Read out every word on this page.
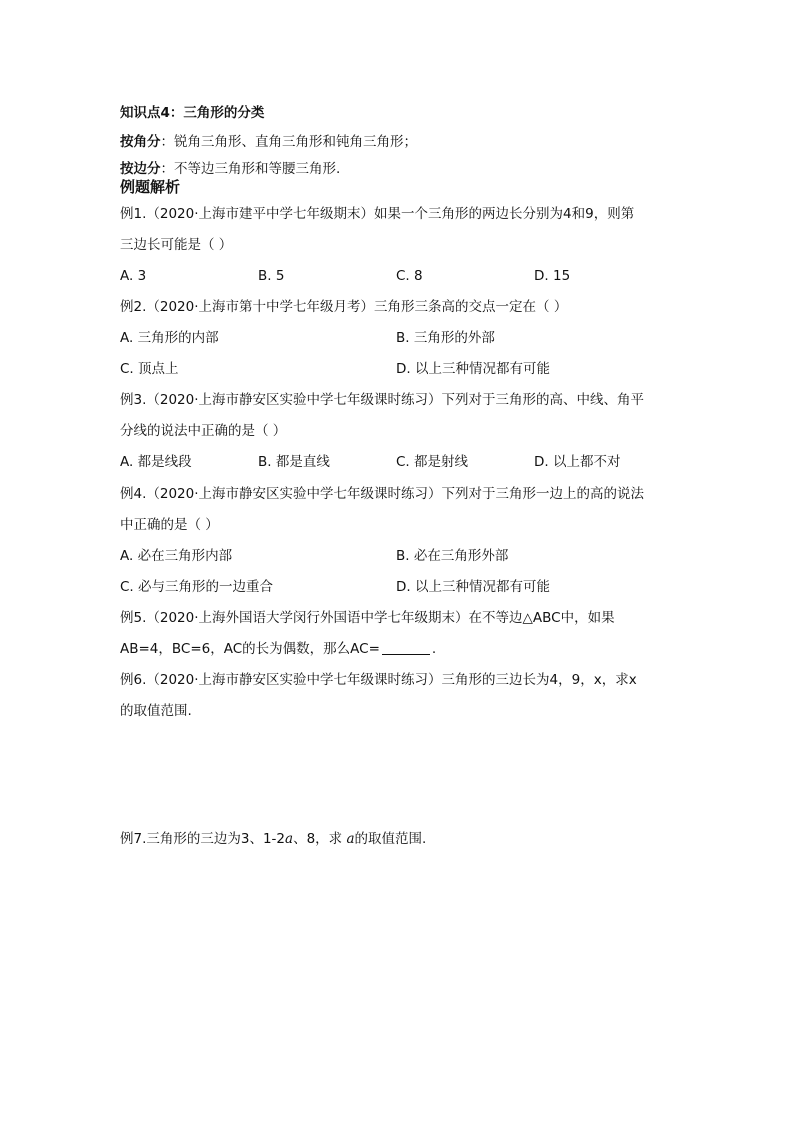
知识点4：三角形的分类
按角分：锐角三角形、直角三角形和钝角三角形；
按边分：不等边三角形和等腰三角形.
例题解析
例1.（2020·上海市建平中学七年级期末）如果一个三角形的两边长分别为4和9，则第
三边长可能是（ ）
A. 3	B. 5	C. 8	D. 15
例2.（2020·上海市第十中学七年级月考）三角形三条高的交点一定在（ ）
A. 三角形的内部	B. 三角形的外部
C. 顶点上	D. 以上三种情况都有可能
例3.（2020·上海市静安区实验中学七年级课时练习）下列对于三角形的高、中线、角平
分线的说法中正确的是（ ）
A. 都是线段	B. 都是直线	C. 都是射线	D. 以上都不对
例4.（2020·上海市静安区实验中学七年级课时练习）下列对于三角形一边上的高的说法
中正确的是（ ）
A. 必在三角形内部	B. 必在三角形外部
C. 必与三角形的一边重合	D. 以上三种情况都有可能
例5.（2020·上海外国语大学闵行外国语中学七年级期末）在不等边△ABC中，如果
AB=4，BC=6，AC的长为偶数，那么AC=	.
例6.（2020·上海市静安区实验中学七年级课时练习）三角形的三边长为4，9，x，求x
的取值范围.
例7.三角形的三边为3、1-2a、8，求 a的取值范围.
